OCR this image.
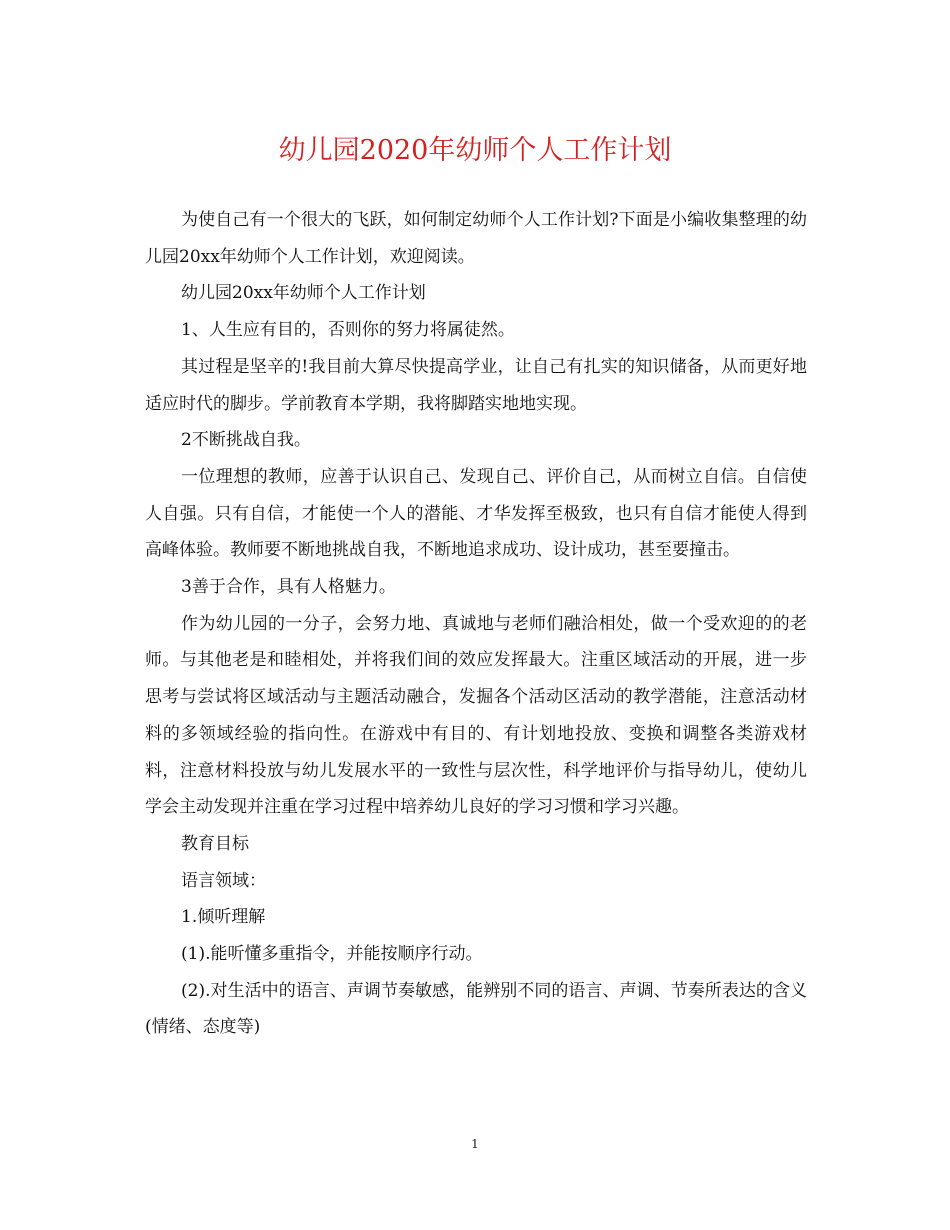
幼儿园2020年幼师个人工作计划

为使自己有一个很大的飞跃，如何制定幼师个人工作计划?下面是小编收集整理的幼儿园20xx年幼师个人工作计划，欢迎阅读。

幼儿园20xx年幼师个人工作计划

1、人生应有目的，否则你的努力将属徒然。

其过程是坚辛的!我目前大算尽快提高学业，让自己有扎实的知识储备，从而更好地适应时代的脚步。学前教育本学期，我将脚踏实地地实现。

2不断挑战自我。

一位理想的教师，应善于认识自己、发现自己、评价自己，从而树立自信。自信使人自强。只有自信，才能使一个人的潜能、才华发挥至极致，也只有自信才能使人得到高峰体验。教师要不断地挑战自我，不断地追求成功、设计成功，甚至要撞击。

3善于合作，具有人格魅力。

作为幼儿园的一分子，会努力地、真诚地与老师们融洽相处，做一个受欢迎的的老师。与其他老是和睦相处，并将我们间的效应发挥最大。注重区域活动的开展，进一步思考与尝试将区域活动与主题活动融合，发掘各个活动区活动的教学潜能，注意活动材料的多领域经验的指向性。在游戏中有目的、有计划地投放、变换和调整各类游戏材料，注意材料投放与幼儿发展水平的一致性与层次性，科学地评价与指导幼儿，使幼儿学会主动发现并注重在学习过程中培养幼儿良好的学习习惯和学习兴趣。

教育目标

语言领域：

1.倾听理解

(1).能听懂多重指令，并能按顺序行动。

(2).对生活中的语言、声调节奏敏感，能辨别不同的语言、声调、节奏所表达的含义(情绪、态度等)

1
